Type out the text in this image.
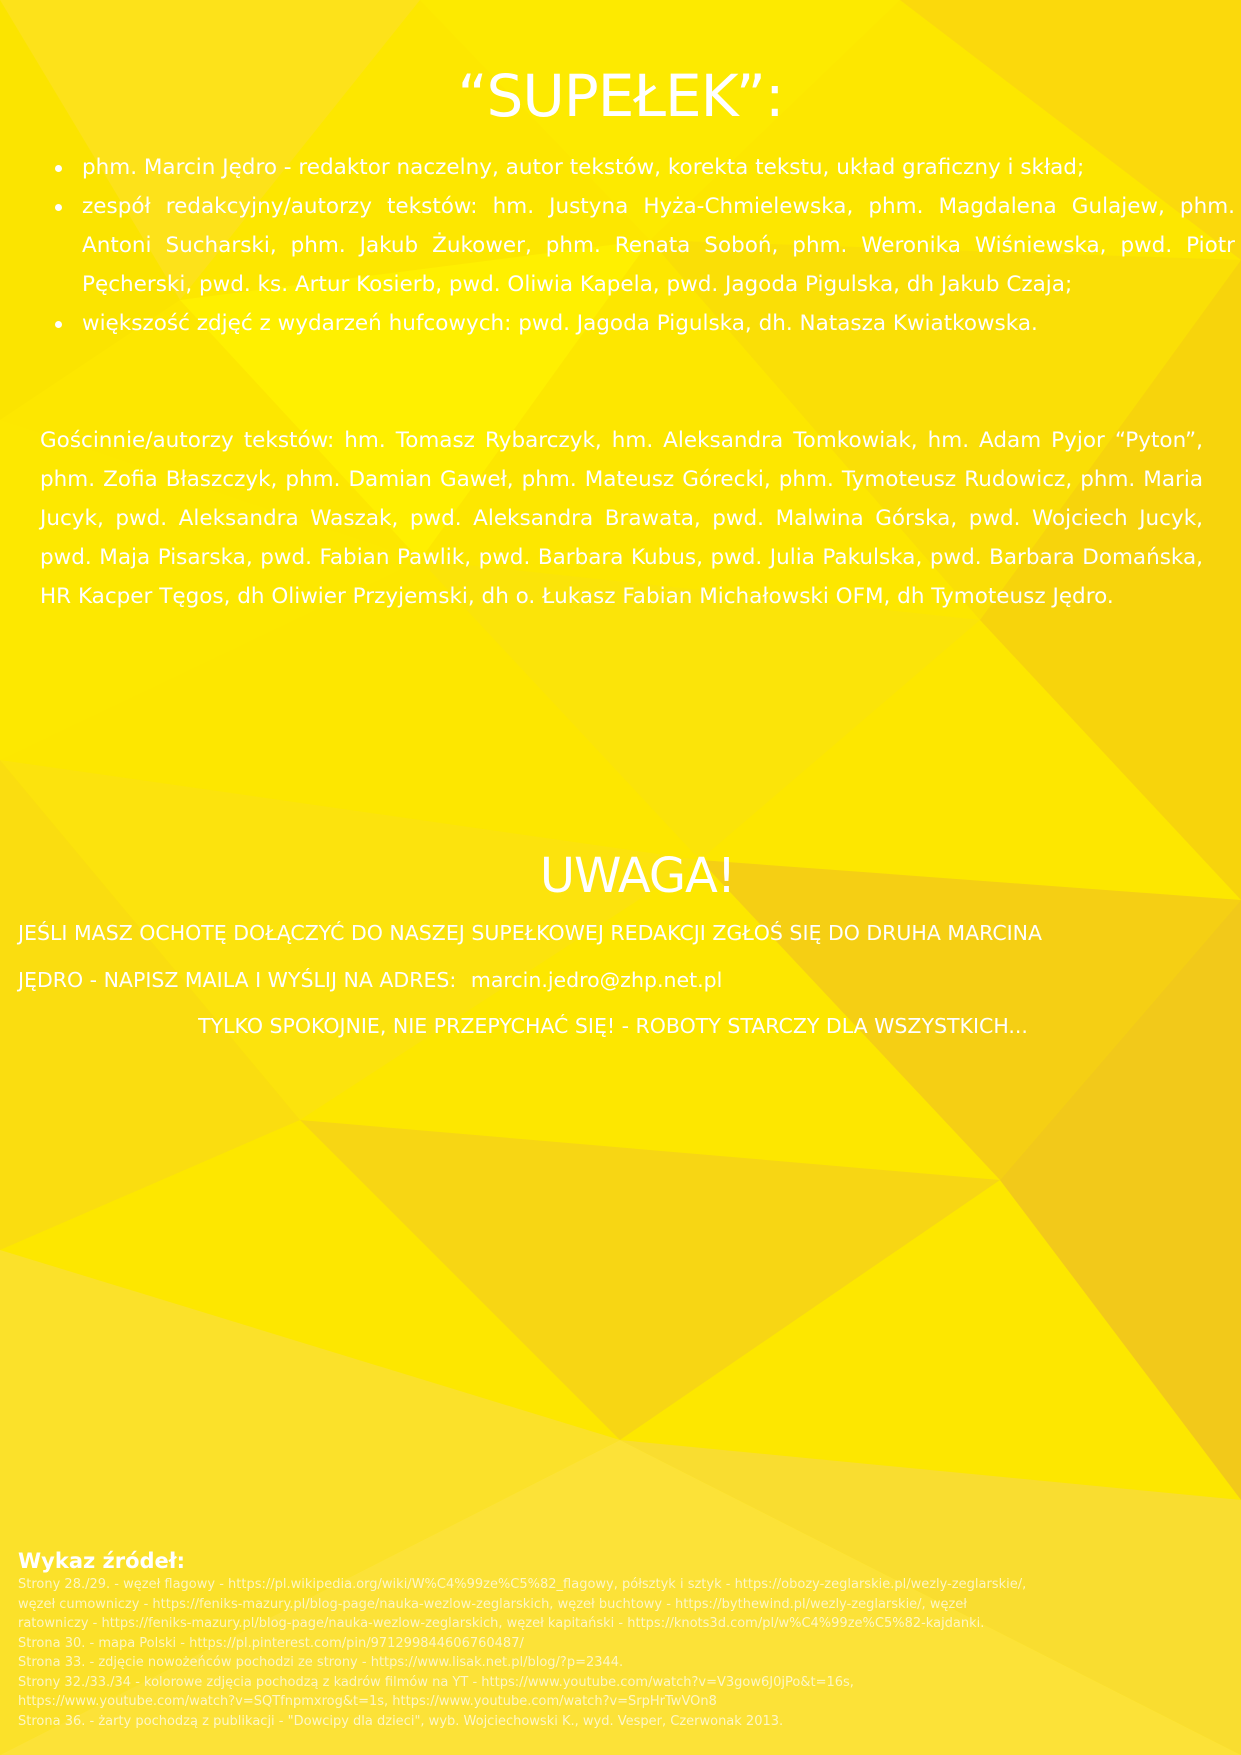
“SUPEŁEK”:
phm. Marcin Jędro - redaktor naczelny, autor tekstów, korekta tekstu, układ graficzny i skład;
zespół redakcyjny/autorzy tekstów: hm. Justyna Hyża-Chmielewska, phm. Magdalena Gulajew, phm. Antoni Sucharski, phm. Jakub Żukower, phm. Renata Soboń, phm. Weronika Wiśniewska, pwd. Piotr Pęcherski, pwd. ks. Artur Kosierb, pwd. Oliwia Kapela, pwd. Jagoda Pigulska, dh Jakub Czaja;
większość zdjęć z wydarzeń hufcowych: pwd. Jagoda Pigulska, dh. Natasza Kwiatkowska.

Gościnnie/autorzy tekstów: hm. Tomasz Rybarczyk, hm. Aleksandra Tomkowiak, hm. Adam Pyjor “Pyton”, phm. Zofia Błaszczyk, phm. Damian Gaweł, phm. Mateusz Górecki, phm. Tymoteusz Rudowicz, phm. Maria Jucyk, pwd. Aleksandra Waszak, pwd. Aleksandra Brawata, pwd. Malwina Górska, pwd. Wojciech Jucyk, pwd. Maja Pisarska, pwd. Fabian Pawlik, pwd. Barbara Kubus, pwd. Julia Pakulska, pwd. Barbara Domańska, HR Kacper Tęgos, dh Oliwier Przyjemski, dh o. Łukasz Fabian Michałowski OFM, dh Tymoteusz Jędro.

UWAGA!
JEŚLI MASZ OCHOTĘ DOŁĄCZYĆ DO NASZEJ SUPEŁKOWEJ REDAKCJI ZGŁOŚ SIĘ DO DRUHA MARCINA
JĘDRO - NAPISZ MAILA I WYŚLIJ NA ADRES: marcin.jedro@zhp.net.pl
TYLKO SPOKOJNIE, NIE PRZEPYCHAĆ SIĘ! - ROBOTY STARCZY DLA WSZYSTKICH...
Wykaz źródeł:
Strony 28./29. - węzeł flagowy - https://pl.wikipedia.org/wiki/W%C4%99ze%C5%82_flagowy, półsztyk i sztyk - https://obozy-zeglarskie.pl/wezly-zeglarskie/,
węzeł cumowniczy - https://feniks-mazury.pl/blog-page/nauka-wezlow-zeglarskich, węzeł buchtowy - https://bythewind.pl/wezly-zeglarskie/, węzeł
ratowniczy - https://feniks-mazury.pl/blog-page/nauka-wezlow-zeglarskich, węzeł kapitański - https://knots3d.com/pl/w%C4%99ze%C5%82-kajdanki.
Strona 30. - mapa Polski - https://pl.pinterest.com/pin/971299844606760487/
Strona 33. - zdjęcie nowożeńców pochodzi ze strony - https://www.lisak.net.pl/blog/?p=2344.
Strony 32./33./34 - kolorowe zdjęcia pochodzą z kadrów filmów na YT - https://www.youtube.com/watch?v=V3gow6J0jPo&t=16s,
https://www.youtube.com/watch?v=SQTfnpmxrog&t=1s, https://www.youtube.com/watch?v=SrpHrTwVOn8
Strona 36. - żarty pochodzą z publikacji - "Dowcipy dla dzieci", wyb. Wojciechowski K., wyd. Vesper, Czerwonak 2013.
